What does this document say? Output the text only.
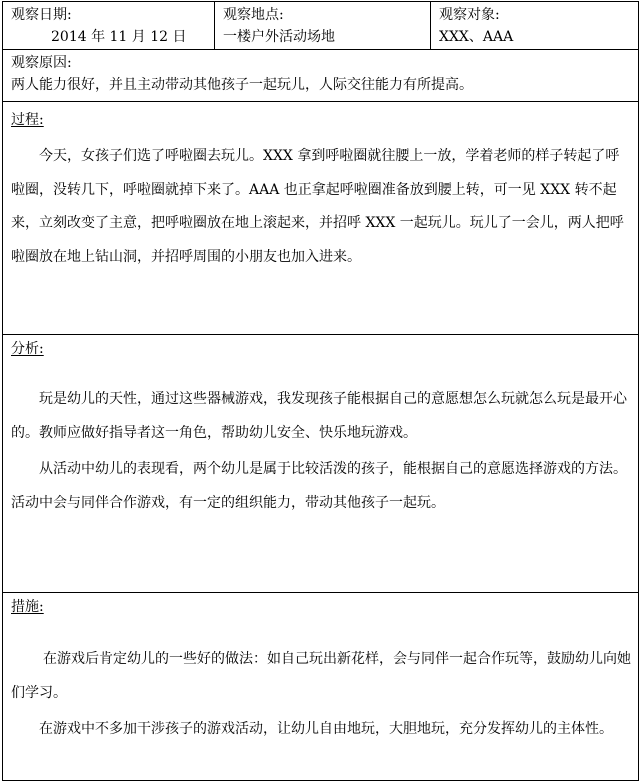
观察日期:
2014 年 11 月 12 日
观察地点:
一楼户外活动场地
观察对象:
XXX、AAA
观察原因:
两人能力很好，并且主动带动其他孩子一起玩儿，人际交往能力有所提高。
过程:

今天，女孩子们选了呼啦圈去玩儿。XXX 拿到呼啦圈就往腰上一放，学着老师的样子转起了呼啦圈，没转几下，呼啦圈就掉下来了。AAA 也正拿起呼啦圈准备放到腰上转，可一见 XXX 转不起来，立刻改变了主意，把呼啦圈放在地上滚起来，并招呼 XXX 一起玩儿。玩儿了一会儿，两人把呼啦圈放在地上钻山洞，并招呼周围的小朋友也加入进来。

分析:

玩是幼儿的天性，通过这些器械游戏，我发现孩子能根据自己的意愿想怎么玩就怎么玩是最开心的。教师应做好指导者这一角色，帮助幼儿安全、快乐地玩游戏。

从活动中幼儿的表现看，两个幼儿是属于比较活泼的孩子，能根据自己的意愿选择游戏的方法。活动中会与同伴合作游戏，有一定的组织能力，带动其他孩子一起玩。

措施:

在游戏后肯定幼儿的一些好的做法：如自己玩出新花样，会与同伴一起合作玩等，鼓励幼儿向她们学习。

在游戏中不多加干涉孩子的游戏活动，让幼儿自由地玩，大胆地玩，充分发挥幼儿的主体性。
